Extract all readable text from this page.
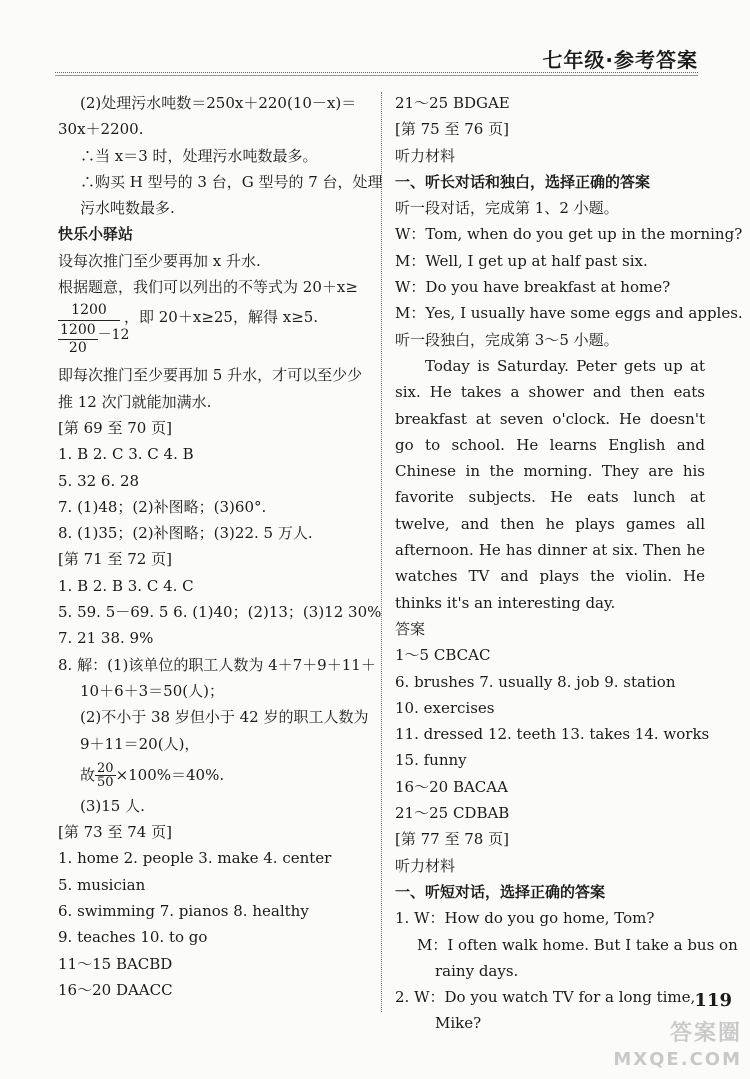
七年级·参考答案
(2)处理污水吨数＝250x＋220(10－x)＝
30x＋2200.
∴当 x＝3 时，处理污水吨数最多。
∴购买 H 型号的 3 台，G 型号的 7 台，处理
污水吨数最多.
快乐小驿站
设每次推门至少要再加 x 升水.
根据题意，我们可以列出的不等式为 20＋x≥
1200
$\frac{1200}{20} -12$
，即 20＋x≥25，解得 x≥5.
即每次推门至少要再加 5 升水，才可以至少少
推 12 次门就能加满水.
[第 69 至 70 页]
1. B 2. C 3. C 4. B
5. 32 6. 28
7. (1)48；(2)补图略；(3)60°.
8. (1)35；(2)补图略；(3)22. 5 万人.
[第 71 至 72 页]
1. B 2. B 3. C 4. C
5. 59. 5－69. 5 6. (1)40；(2)13；(3)12 30%
7. 21 38. 9%
8. 解：(1)该单位的职工人数为 4＋7＋9＋11＋
10＋6＋3＝50(人)；
(2)不小于 38 岁但小于 42 岁的职工人数为
9＋11＝20(人)，
故 $\frac{20}{50} \times 100\%=40\%$.
(3)15 人.
[第 73 至 74 页]
1. home 2. people 3. make 4. center
5. musician
6. swimming 7. pianos 8. healthy
9. teaches 10. to go
11～15 BACBD
16～20 DAACC
21～25 BDGAE
[第 75 至 76 页]
听力材料
一、听长对话和独白，选择正确的答案
听一段对话，完成第 1、2 小题。
W：Tom, when do you get up in the morning?
M：Well, I get up at half past six.
W：Do you have breakfast at home?
M：Yes, I usually have some eggs and apples.
听一段独白，完成第 3～5 小题。
Today is Saturday. Peter gets up at six. He takes a shower and then eats breakfast at seven o'clock. He doesn't go to school. He learns English and Chinese in the morning. They are his favorite subjects. He eats lunch at twelve, and then he plays games all afternoon. He has dinner at six. Then he watches TV and plays the violin. He thinks it's an interesting day.
答案
1～5 CBCAC
6. brushes 7. usually 8. job 9. station
10. exercises
11. dressed 12. teeth 13. takes 14. works
15. funny
16～20 BACAA
21～25 CDBAB
[第 77 至 78 页]
听力材料
一、听短对话，选择正确的答案
1. W：How do you go home, Tom?
M：I often walk home. But I take a bus on
rainy days.
2. W：Do you watch TV for a long time,
Mike?
119
答案圈
MXQE.COM
